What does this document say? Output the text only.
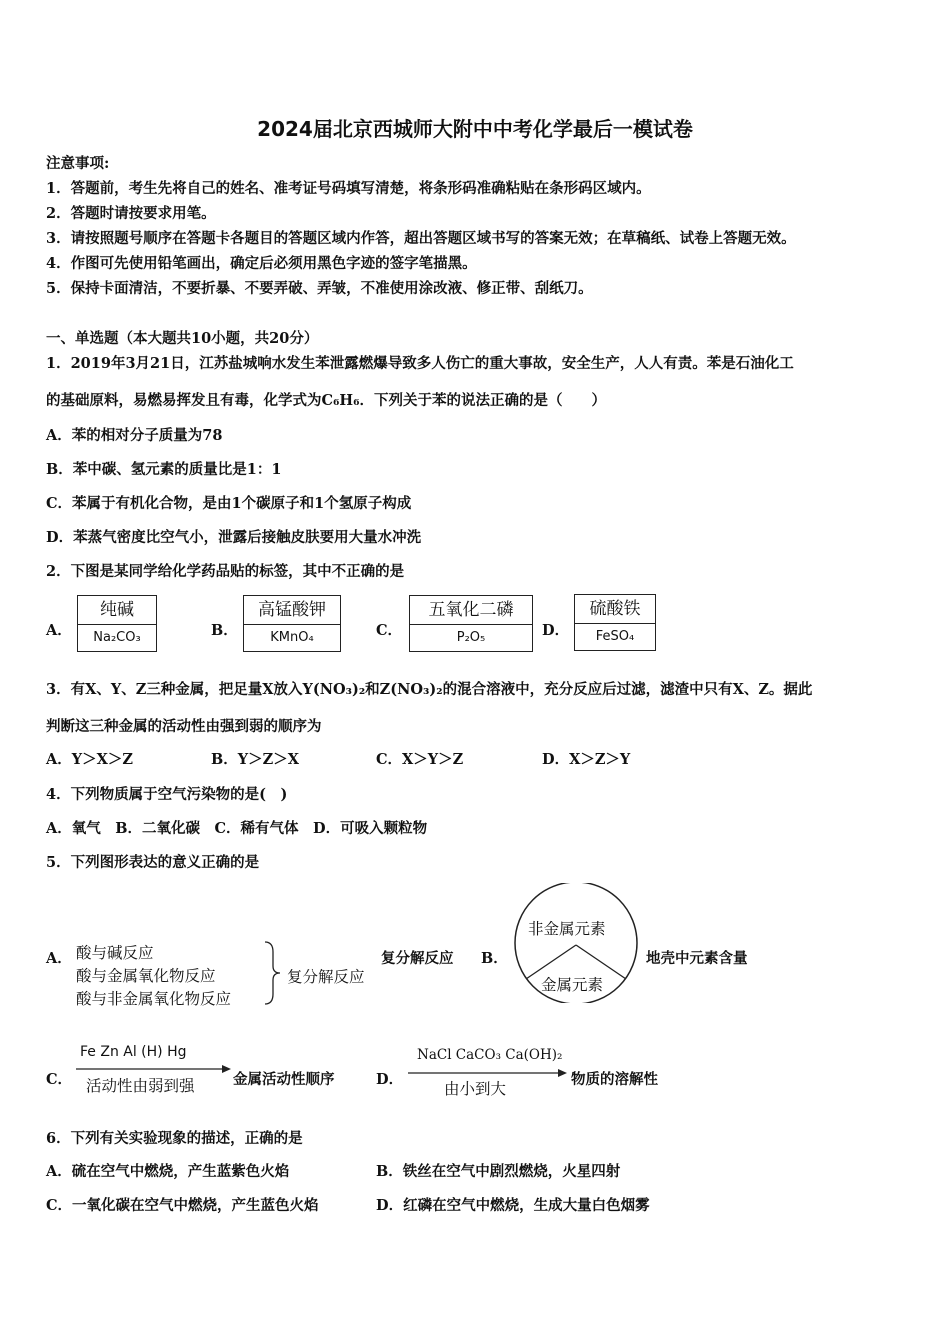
2024届北京西城师大附中中考化学最后一模试卷
注意事项:
1．答题前，考生先将自己的姓名、准考证号码填写清楚，将条形码准确粘贴在条形码区域内。
2．答题时请按要求用笔。
3．请按照题号顺序在答题卡各题目的答题区域内作答，超出答题区域书写的答案无效；在草稿纸、试卷上答题无效。
4．作图可先使用铅笔画出，确定后必须用黑色字迹的签字笔描黑。
5．保持卡面清洁，不要折暴、不要弄破、弄皱，不准使用涂改液、修正带、刮纸刀。
一、单选题（本大题共10小题，共20分）
1．2019年3月21日，江苏盐城响水发生苯泄露燃爆导致多人伤亡的重大事故，安全生产，人人有责。苯是石油化工
的基础原料，易燃易挥发且有毒，化学式为C₆H₆．下列关于苯的说法正确的是（　　）
A．苯的相对分子质量为78
B．苯中碳、氢元素的质量比是1：1
C．苯属于有机化合物，是由1个碳原子和1个氢原子构成
D．苯蒸气密度比空气小，泄露后接触皮肤要用大量水冲洗
2．下图是某同学给化学药品贴的标签，其中不正确的是
A．
纯碱
Na₂CO₃	B．
高锰酸钾
KMnO₄	C．
五氧化二磷
P₂O₅	D．
硫酸铁
FeSO₄
3．有X、Y、Z三种金属，把足量X放入Y(NO₃)₂和Z(NO₃)₂的混合溶液中，充分反应后过滤，滤渣中只有X、Z。据此
判断这三种金属的活动性由强到弱的顺序为
A．Y＞X＞Z	B．Y＞Z＞X	C．X＞Y＞Z	D．X＞Z＞Y
4．下列物质属于空气污染物的是(　)
A．氧气　B．二氧化碳　C．稀有气体　D．可吸入颗粒物
5．下列图形表达的意义正确的是
A． 酸与碱反应
酸与金属氧化物反应
酸与非金属氧化物反应
复分解反应
复分解反应 B．
非金属元素
金属元素
地壳中元素含量
C．
Fe Zn Al (H) Hg
活动性由弱到强	金属活动性顺序	D．
NaCl CaCO₃ Ca(OH)₂
由小到大
物质的溶解性
6．下列有关实验现象的描述，正确的是
A．硫在空气中燃烧，产生蓝紫色火焰	B．铁丝在空气中剧烈燃烧，火星四射
C．一氧化碳在空气中燃烧，产生蓝色火焰	D．红磷在空气中燃烧，生成大量白色烟雾
